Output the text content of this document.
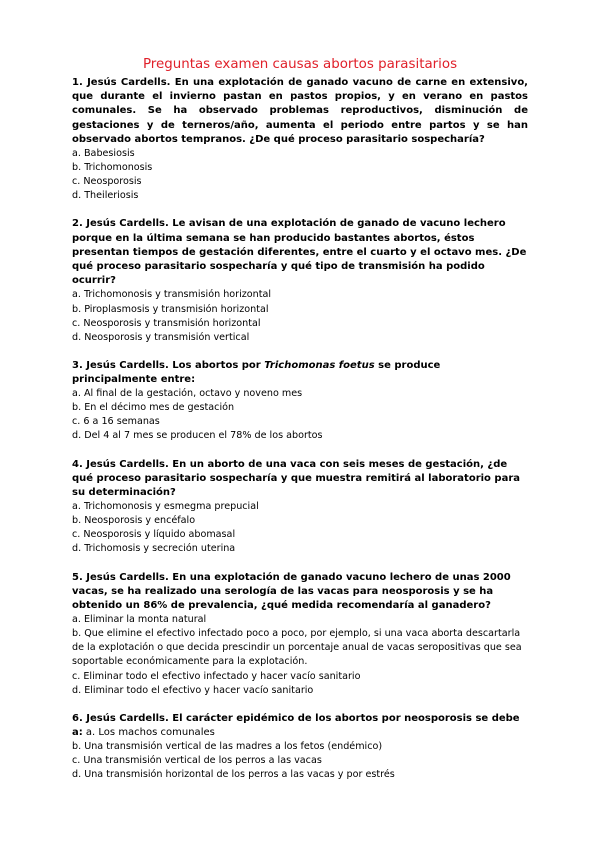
Preguntas examen causas abortos parasitarios

1. Jesús Cardells. En una explotación de ganado vacuno de carne en extensivo, que durante el invierno pastan en pastos propios, y en verano en pastos comunales. Se ha observado problemas reproductivos, disminución de gestaciones y de terneros/año, aumenta el periodo entre partos y se han observado abortos tempranos. ¿De qué proceso parasitario sospecharía?

a. Babesiosis

b. Trichomonosis

c. Neosporosis

d. Theileriosis

2. Jesús Cardells. Le avisan de una explotación de ganado de vacuno lechero porque en la última semana se han producido bastantes abortos, éstos presentan tiempos de gestación diferentes, entre el cuarto y el octavo mes. ¿De qué proceso parasitario sospecharía y qué tipo de transmisión ha podido ocurrir?

a. Trichomonosis y transmisión horizontal

b. Piroplasmosis y transmisión horizontal

c. Neosporosis y transmisión horizontal

d. Neosporosis y transmisión vertical

3. Jesús Cardells. Los abortos por Trichomonas foetus se produce principalmente entre:

a. Al final de la gestación, octavo y noveno mes

b. En el décimo mes de gestación

c. 6 a 16 semanas

d. Del 4 al 7 mes se producen el 78% de los abortos

4. Jesús Cardells. En un aborto de una vaca con seis meses de gestación, ¿de qué proceso parasitario sospecharía y que muestra remitirá al laboratorio para su determinación?

a. Trichomonosis y esmegma prepucial

b. Neosporosis y encéfalo

c. Neosporosis y líquido abomasal

d. Trichomosis y secreción uterina

5. Jesús Cardells. En una explotación de ganado vacuno lechero de unas 2000 vacas, se ha realizado una serología de las vacas para neosporosis y se ha obtenido un 86% de prevalencia, ¿qué medida recomendaría al ganadero?

a. Eliminar la monta natural

b. Que elimine el efectivo infectado poco a poco, por ejemplo, si una vaca aborta descartarla de la explotación o que decida prescindir un porcentaje anual de vacas seropositivas que sea soportable económicamente para la explotación.

c. Eliminar todo el efectivo infectado y hacer vacío sanitario

d. Eliminar todo el efectivo y hacer vacío sanitario

6. Jesús Cardells. El carácter epidémico de los abortos por neosporosis se debe a: a. Los machos comunales

b. Una transmisión vertical de las madres a los fetos (endémico)

c. Una transmisión vertical de los perros a las vacas

d. Una transmisión horizontal de los perros a las vacas y por estrés
